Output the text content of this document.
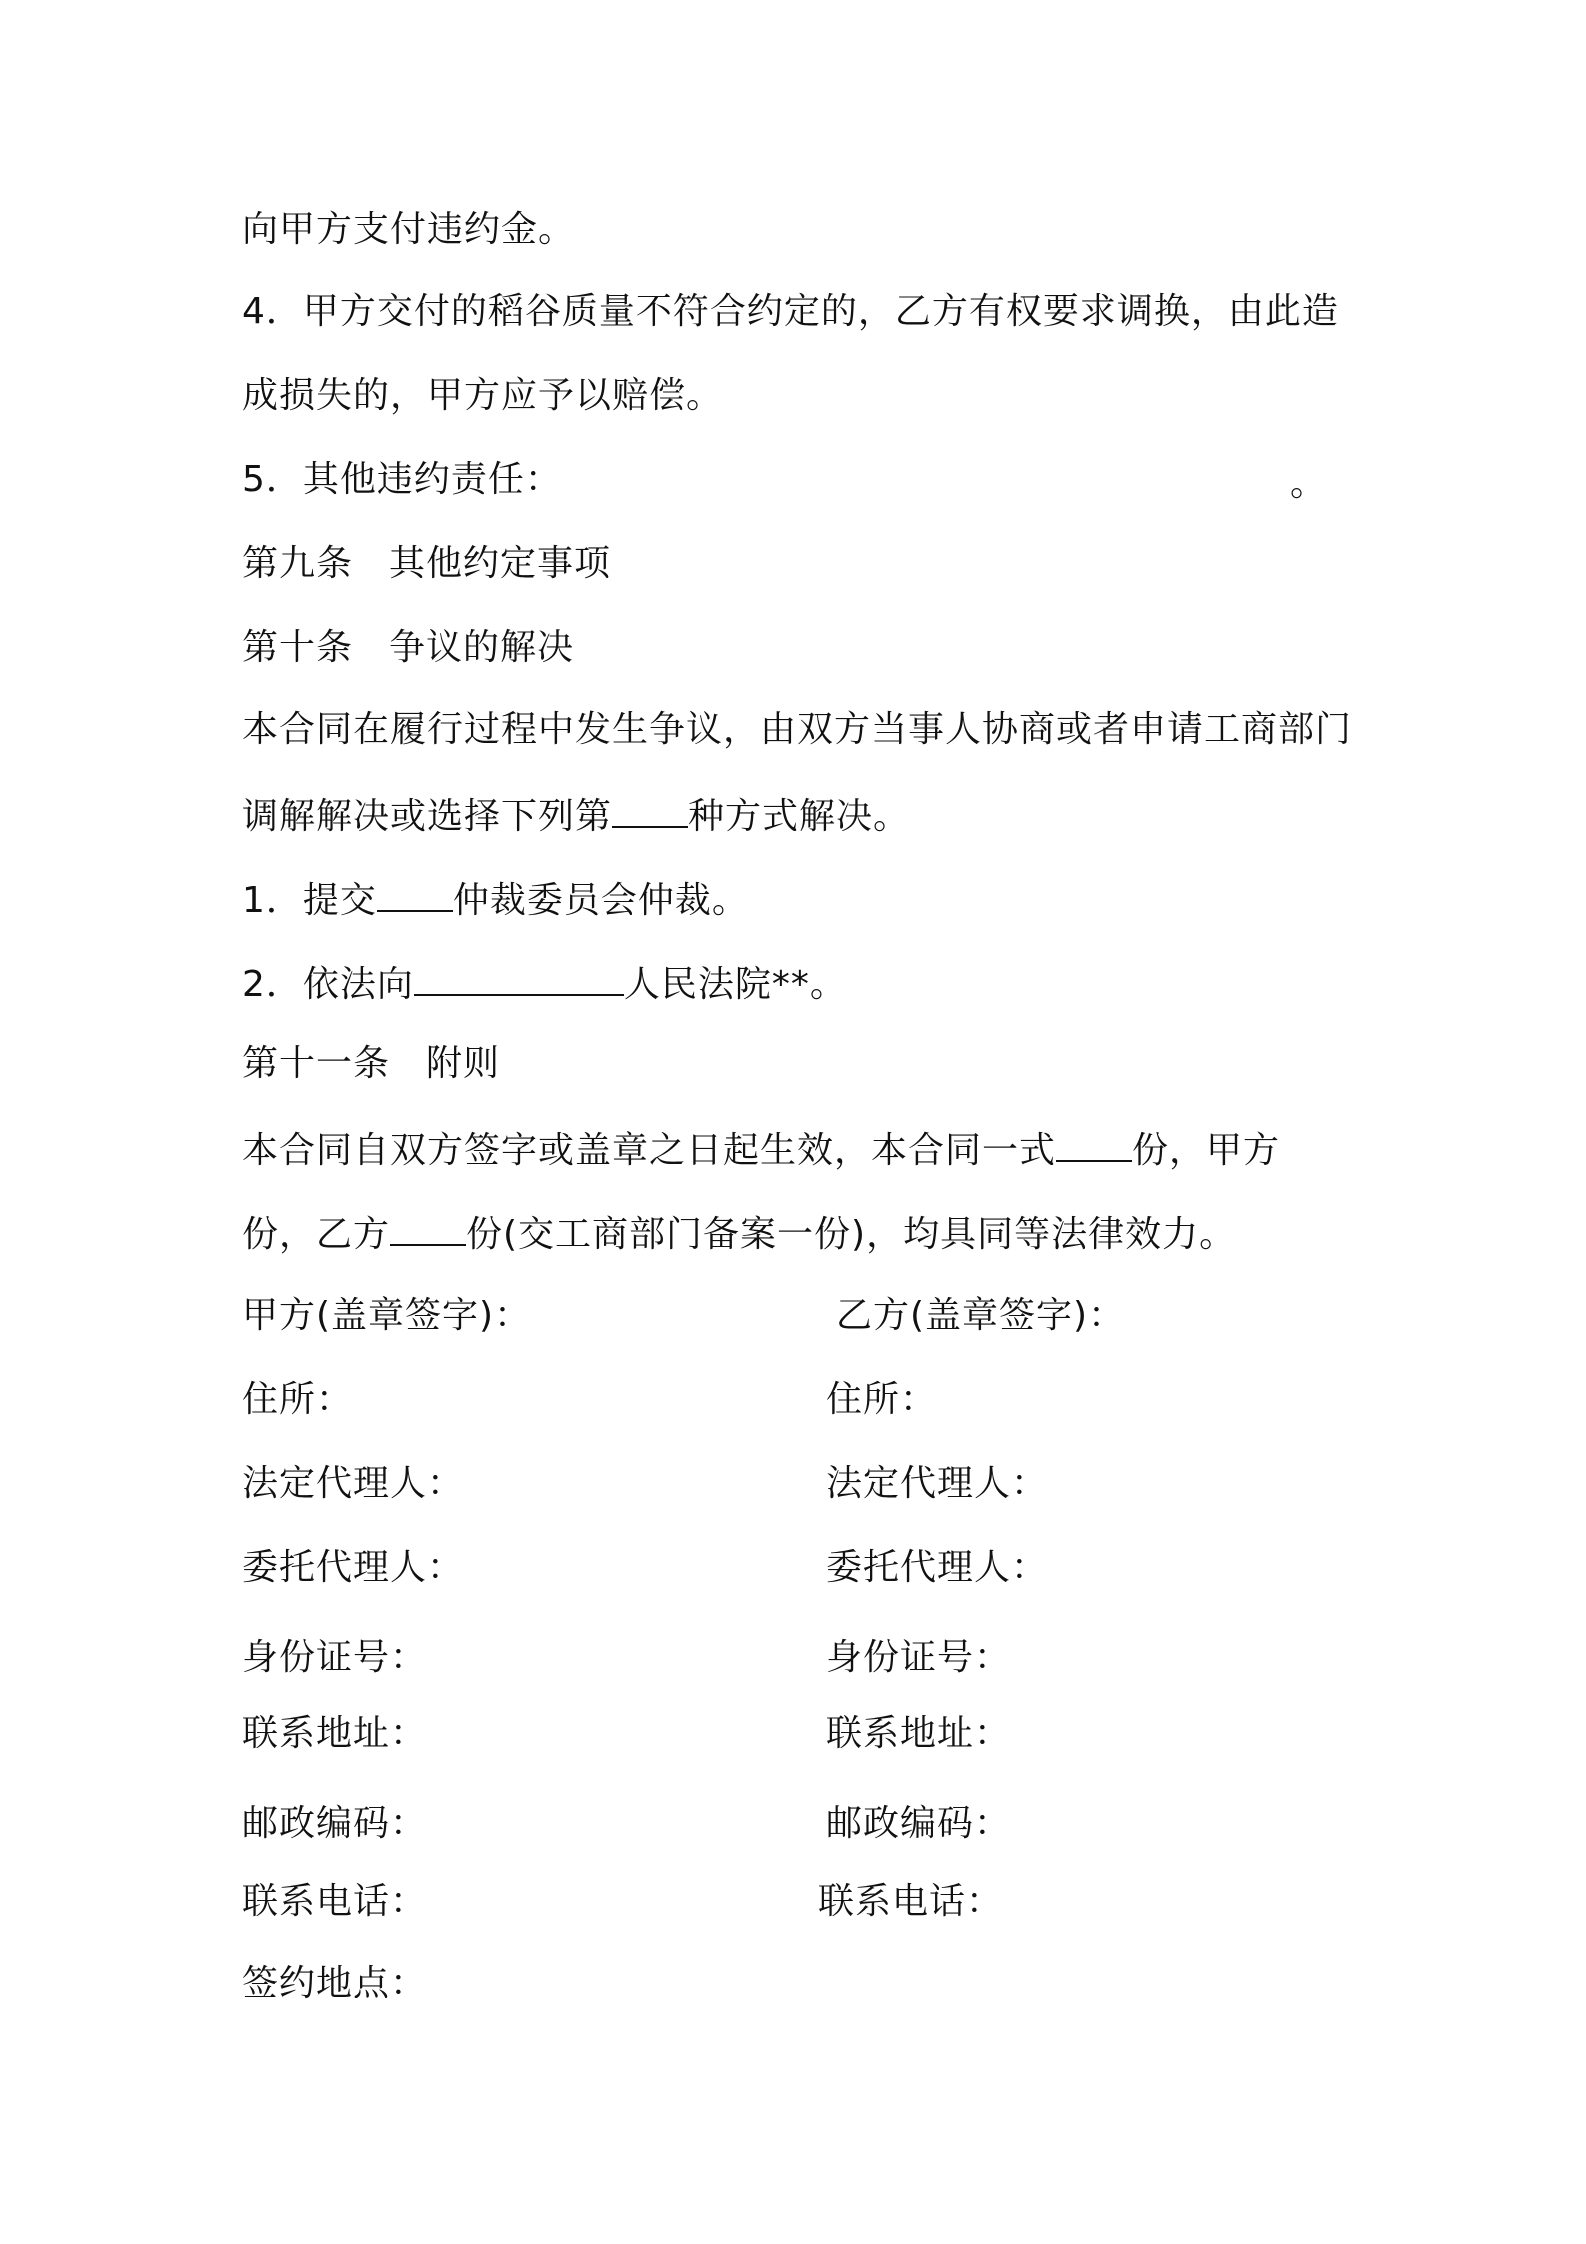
向甲方支付违约金。
4．甲方交付的稻谷质量不符合约定的，乙方有权要求调换，由此造
成损失的，甲方应予以赔偿。
5．其他违约责任：	。
第九条 其他约定事项
第十条 争议的解决
本合同在履行过程中发生争议，由双方当事人协商或者申请工商部门
调解解决或选择下列第 种方式解决。
1．提交 仲裁委员会仲裁。
2．依法向	人民法院**。
第十一条 附则
本合同自双方签字或盖章之日起生效，本合同一式 份，甲方
份，乙方 份(交工商部门备案一份)，均具同等法律效力。
甲方(盖章签字)：	乙方(盖章签字)：
住所：	住所：
法定代理人：	法定代理人：
委托代理人：	委托代理人：
身份证号：	身份证号：
联系地址：	联系地址：
邮政编码：	邮政编码：
联系电话：	联系电话：
签约地点：
